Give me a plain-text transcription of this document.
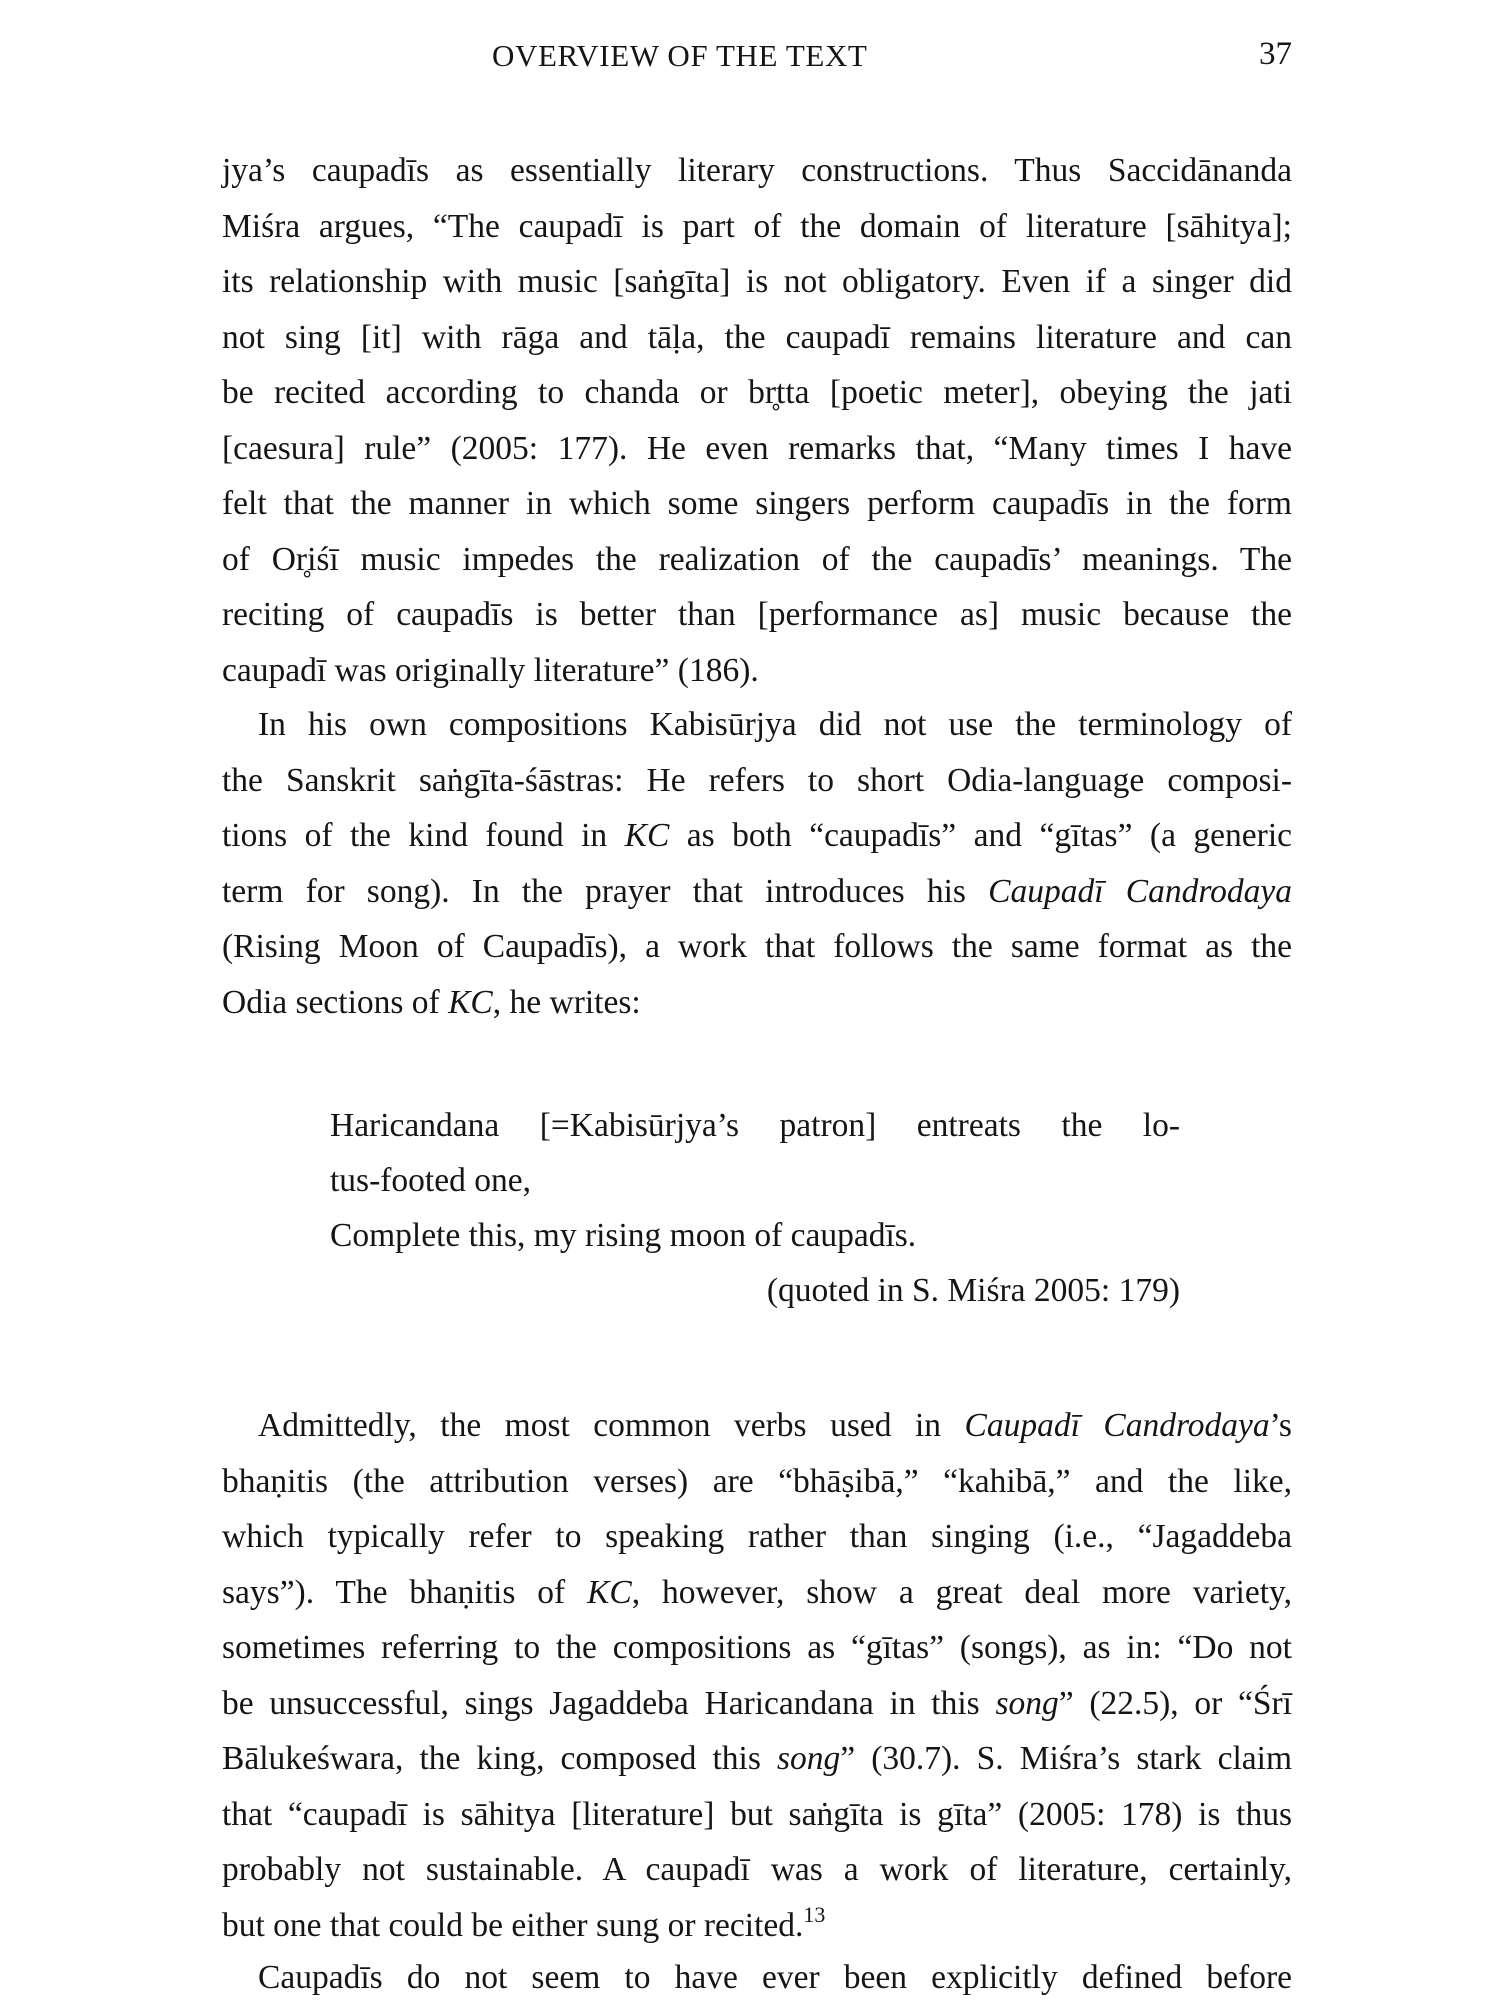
OVERVIEW OF THE TEXT	37
jya’s caupadīs as essentially literary constructions. Thus Saccidānanda
Miśra argues, “The caupadī is part of the domain of literature [sāhitya];
its relationship with music [saṅgīta] is not obligatory. Even if a singer did
not sing [it] with rāga and tāḷa, the caupadī remains literature and can
be recited according to chanda or br̥tta [poetic meter], obeying the jati
[caesura] rule” (2005: 177). He even remarks that, “Many times I have
felt that the manner in which some singers perform caupadīs in the form
of Or̥iśī music impedes the realization of the caupadīs’ meanings. The
reciting of caupadīs is better than [performance as] music because the
caupadī was originally literature” (186).
In his own compositions Kabisūrjya did not use the terminology of
the Sanskrit saṅgīta-śāstras: He refers to short Odia-language composi-
tions of the kind found in KC as both “caupadīs” and “gītas” (a generic
term for song). In the prayer that introduces his Caupadī Candrodaya
(Rising Moon of Caupadīs), a work that follows the same format as the
Odia sections of KC, he writes:
Haricandana [=Kabisūrjya’s patron] entreats the lo-
tus-footed one,
Complete this, my rising moon of caupadīs.
(quoted in S. Miśra 2005: 179)
Admittedly, the most common verbs used in Caupadī Candrodaya’s
bhaṇitis (the attribution verses) are “bhāṣibā,” “kahibā,” and the like,
which typically refer to speaking rather than singing (i.e., “Jagaddeba
says”). The bhaṇitis of KC, however, show a great deal more variety,
sometimes referring to the compositions as “gītas” (songs), as in: “Do not
be unsuccessful, sings Jagaddeba Haricandana in this song” (22.5), or “Śrī
Bālukeśwara, the king, composed this song” (30.7). S. Miśra’s stark claim
that “caupadī is sāhitya [literature] but saṅgīta is gīta” (2005: 178) is thus
probably not sustainable. A caupadī was a work of literature, certainly,
but one that could be either sung or recited.$^{13}$
Caupadīs do not seem to have ever been explicitly defined before
